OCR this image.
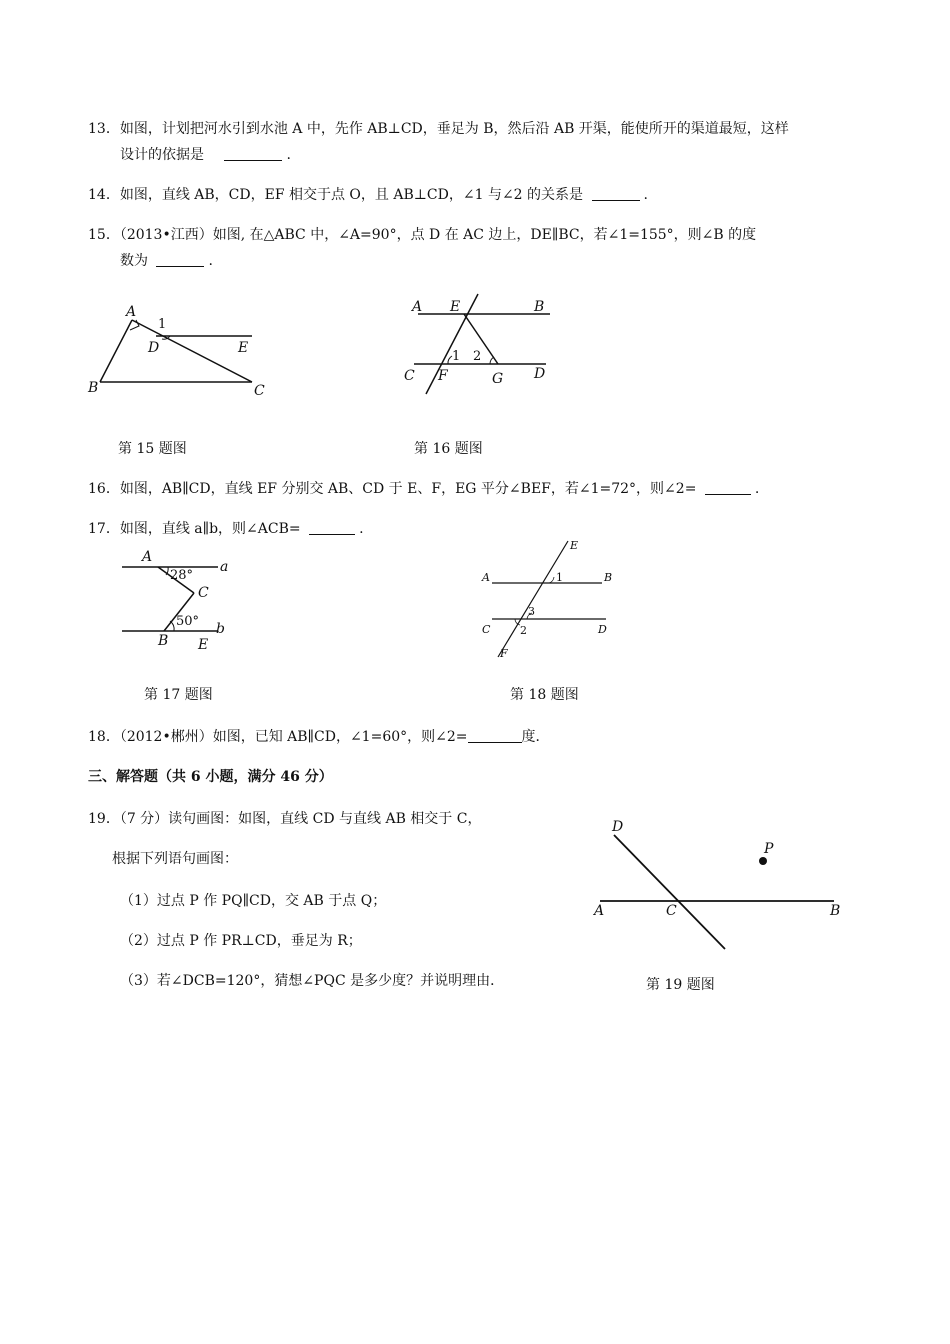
13．如图，计划把河水引到水池 A 中，先作 AB⊥CD，垂足为 B，然后沿 AB 开渠，能使所开的渠道最短，这样
设计的依据是	.
14．如图，直线 AB，CD，EF 相交于点 O，且 AB⊥CD，∠1 与∠2 的关系是	.
15．（2013•江西）如图, 在△ABC 中，∠A=90°，点 D 在 AC 边上，DE∥BC，若∠1=155°，则∠B 的度
数为	.
A
B	C
D	E
1
第 15 题图
A	B
E
C	D
F	G
1 2
第 16 题图
16．如图，AB∥CD，直线 EF 分别交 AB、CD 于 E、F，EG 平分∠BEF，若∠1=72°，则∠2=	.
17．如图，直线 a∥b，则∠ACB=	.
A
C
B E
a
b
28°
50°
第 17 题图
A	B
C	D
E
F
1
3
2
第 18 题图
18．（2012•郴州）如图，已知 AB∥CD，∠1=60°，则∠2=	度．
三、解答题（共 6 小题，满分 46 分）
19．（7 分）读句画图：如图，直线 CD 与直线 AB 相交于 C，
根据下列语句画图：
（1）过点 P 作 PQ∥CD，交 AB 于点 Q；
（2）过点 P 作 PR⊥CD，垂足为 R；
（3）若∠DCB=120°，猜想∠PQC 是多少度？并说明理由．
D
P
A	C	B
第 19 题图
